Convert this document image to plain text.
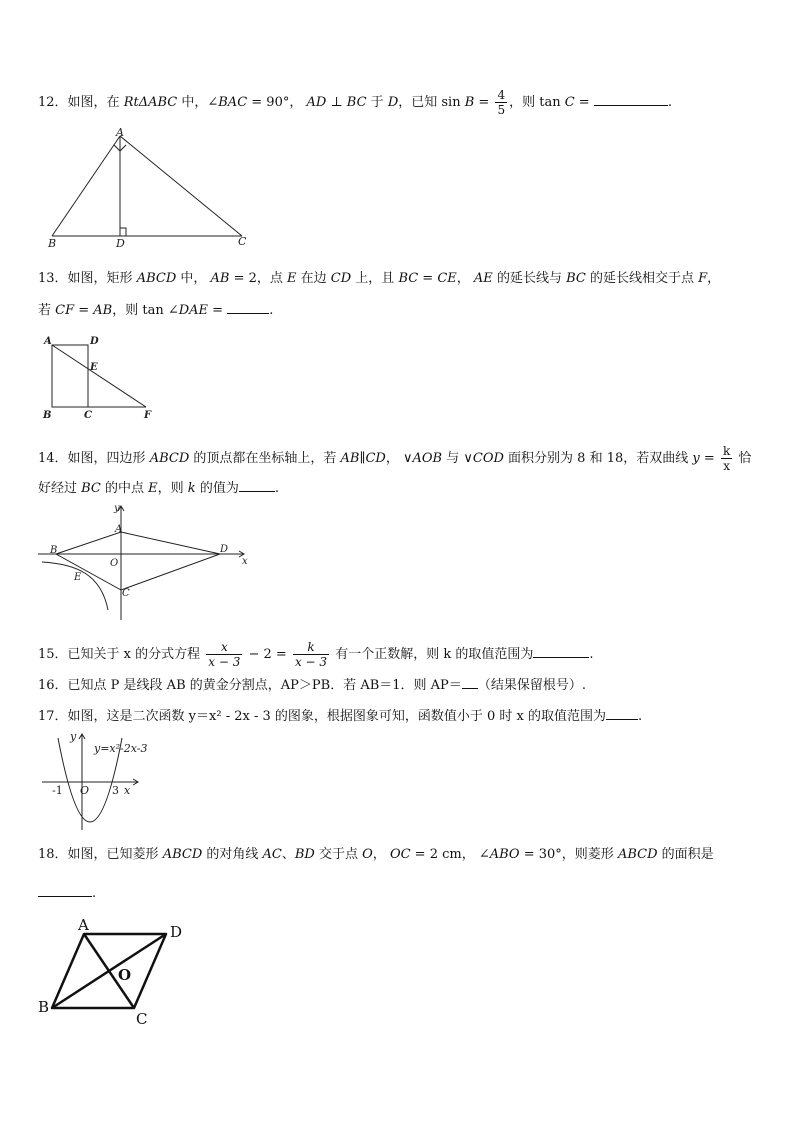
12．如图，在 RtΔABC 中，∠BAC = 90°， AD ⊥ BC 于 D，已知 $\sin B = \frac{4}{5}$ ，则 tan C =	.
A
B	D	C
13．如图，矩形 ABCD 中， AB = 2，点 E 在边 CD 上，且 BC = CE， AE 的延长线与 BC 的延长线相交于点 F，
若 CF = AB，则 tan ∠DAE =	.
A	D
E
B	C	F
14．如图，四边形 ABCD 的顶点都在坐标轴上，若 AB∥CD， ∨AOB 与 ∨COD 面积分别为 8 和 18，若双曲线 $y = \frac{k}{x}$ 恰
好经过 BC 的中点 E，则 k 的值为	.
y
x
A
B	D
O
C
E
15．已知关于 x 的分式方程 $\frac{x}{x - 3} - 2 = \frac{k}{x - 3}$ 有一个正数解，则 k 的取值范围为	.
16．已知点 P 是线段 AB 的黄金分割点，AP＞PB．若 AB＝1．则 AP＝ （结果保留根号）.
17．如图，这是二次函数 y＝x² - 2x - 3 的图象，根据图象可知，函数值小于 0 时 x 的取值范围为 .
y
y=x²-2x-3
-1 O 3 x
18．如图，已知菱形 ABCD 的对角线 AC、BD 交于点 O， OC = 2 cm， ∠ABO = 30°，则菱形 ABCD 的面积是
.
A	D
O
B
C
